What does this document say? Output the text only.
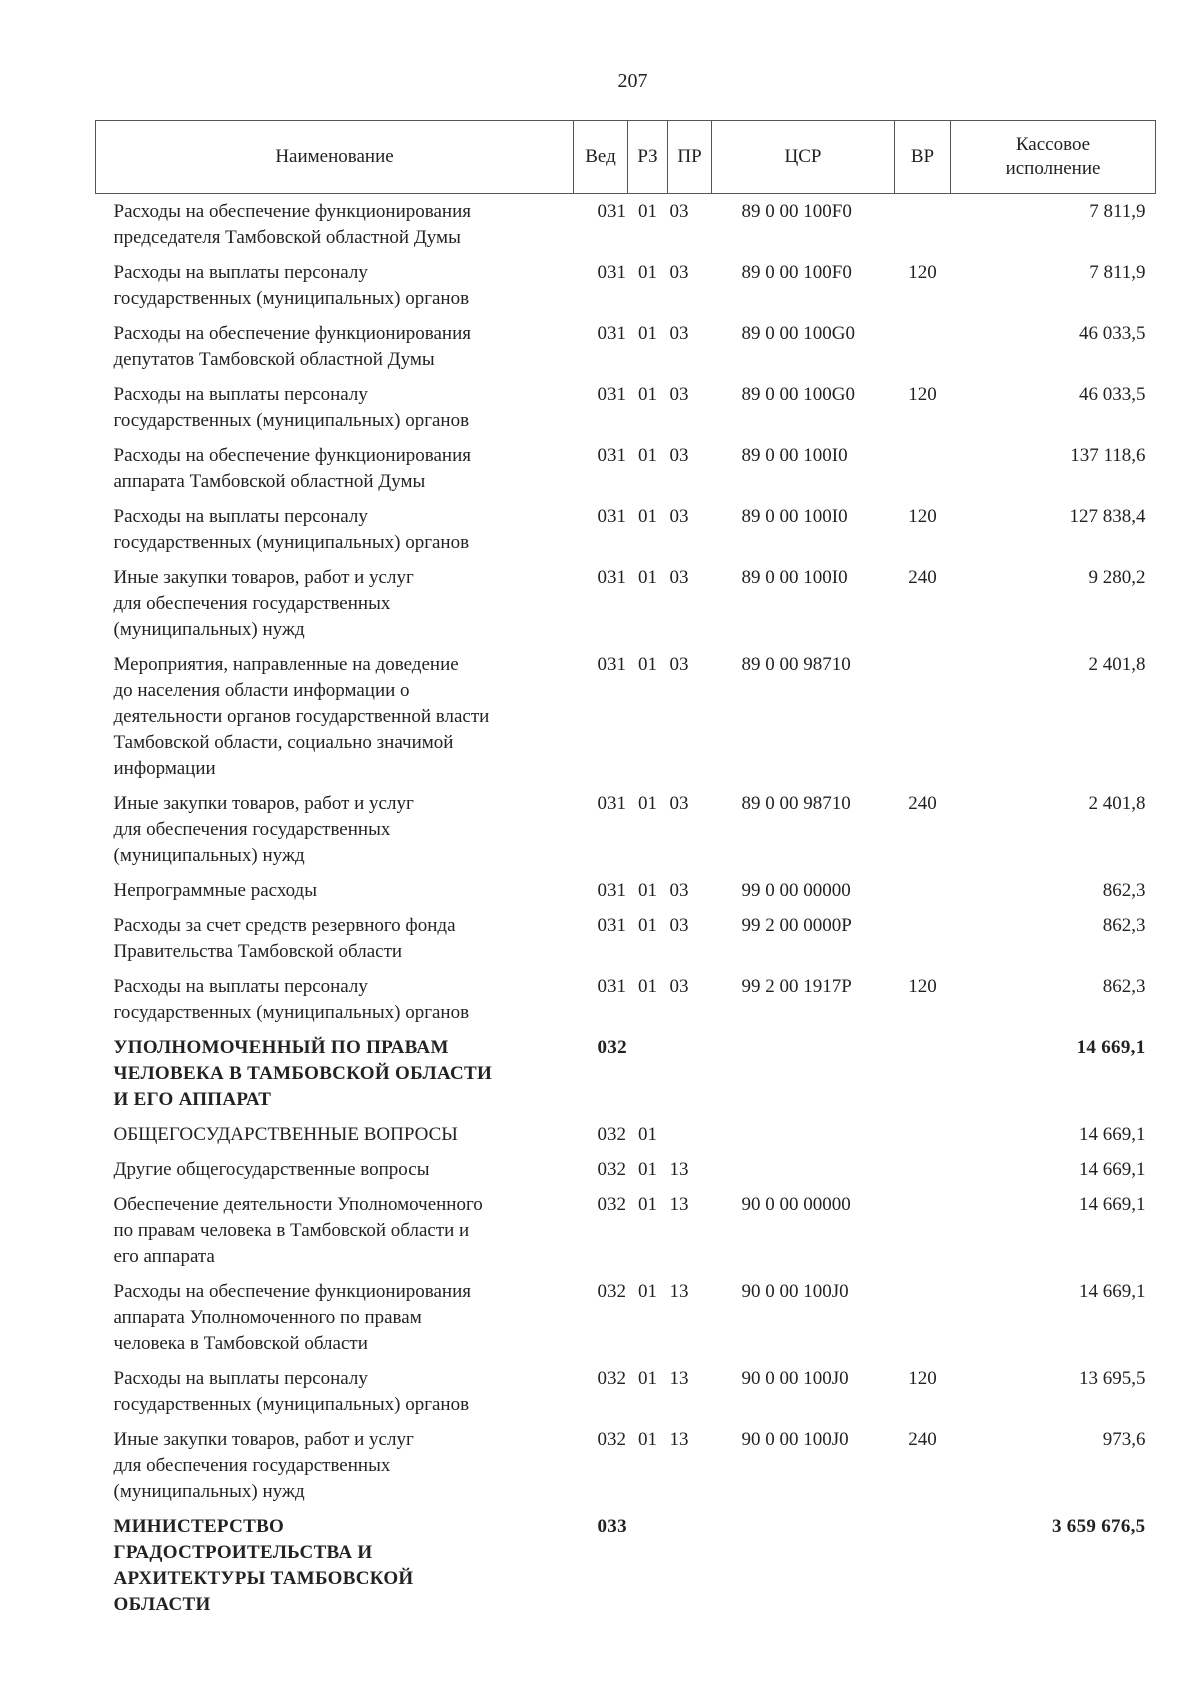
207
Наименование	Вед	РЗ	ПР	ЦСР	ВР	Кассовое
исполнение

Расходы на обеспечение функционирования
председателя Тамбовской областной Думы	031	01	03	89 0 00 100F0		7 811,9

Расходы на выплаты персоналу
государственных (муниципальных) органов	031	01	03	89 0 00 100F0	120	7 811,9

Расходы на обеспечение функционирования
депутатов Тамбовской областной Думы	031	01	03	89 0 00 100G0		46 033,5

Расходы на выплаты персоналу
государственных (муниципальных) органов	031	01	03	89 0 00 100G0	120	46 033,5

Расходы на обеспечение функционирования
аппарата Тамбовской областной Думы	031	01	03	89 0 00 100I0		137 118,6

Расходы на выплаты персоналу
государственных (муниципальных) органов	031	01	03	89 0 00 100I0	120	127 838,4

Иные закупки товаров, работ и услуг
для обеспечения государственных
(муниципальных) нужд	031	01	03	89 0 00 100I0	240	9 280,2

Мероприятия, направленные на доведение
до населения области информации о
деятельности органов государственной власти
Тамбовской области, социально значимой
информации	031	01	03	89 0 00 98710		2 401,8

Иные закупки товаров, работ и услуг
для обеспечения государственных
(муниципальных) нужд	031	01	03	89 0 00 98710	240	2 401,8

Непрограммные расходы	031	01	03	99 0 00 00000		862,3

Расходы за счет средств резервного фонда
Правительства Тамбовской области	031	01	03	99 2 00 0000P		862,3

Расходы на выплаты персоналу
государственных (муниципальных) органов	031	01	03	99 2 00 1917P	120	862,3

УПОЛНОМОЧЕННЫЙ ПО ПРАВАМ
ЧЕЛОВЕКА В ТАМБОВСКОЙ ОБЛАСТИ
И ЕГО АППАРАТ	032					14 669,1

ОБЩЕГОСУДАРСТВЕННЫЕ ВОПРОСЫ	032	01				14 669,1

Другие общегосударственные вопросы	032	01	13			14 669,1

Обеспечение деятельности Уполномоченного
по правам человека в Тамбовской области и
его аппарата	032	01	13	90 0 00 00000		14 669,1

Расходы на обеспечение функционирования
аппарата Уполномоченного по правам
человека в Тамбовской области	032	01	13	90 0 00 100J0		14 669,1

Расходы на выплаты персоналу
государственных (муниципальных) органов	032	01	13	90 0 00 100J0	120	13 695,5

Иные закупки товаров, работ и услуг
для обеспечения государственных
(муниципальных) нужд	032	01	13	90 0 00 100J0	240	973,6

МИНИСТЕРСТВО
ГРАДОСТРОИТЕЛЬСТВА И
АРХИТЕКТУРЫ ТАМБОВСКОЙ
ОБЛАСТИ	033					3 659 676,5
